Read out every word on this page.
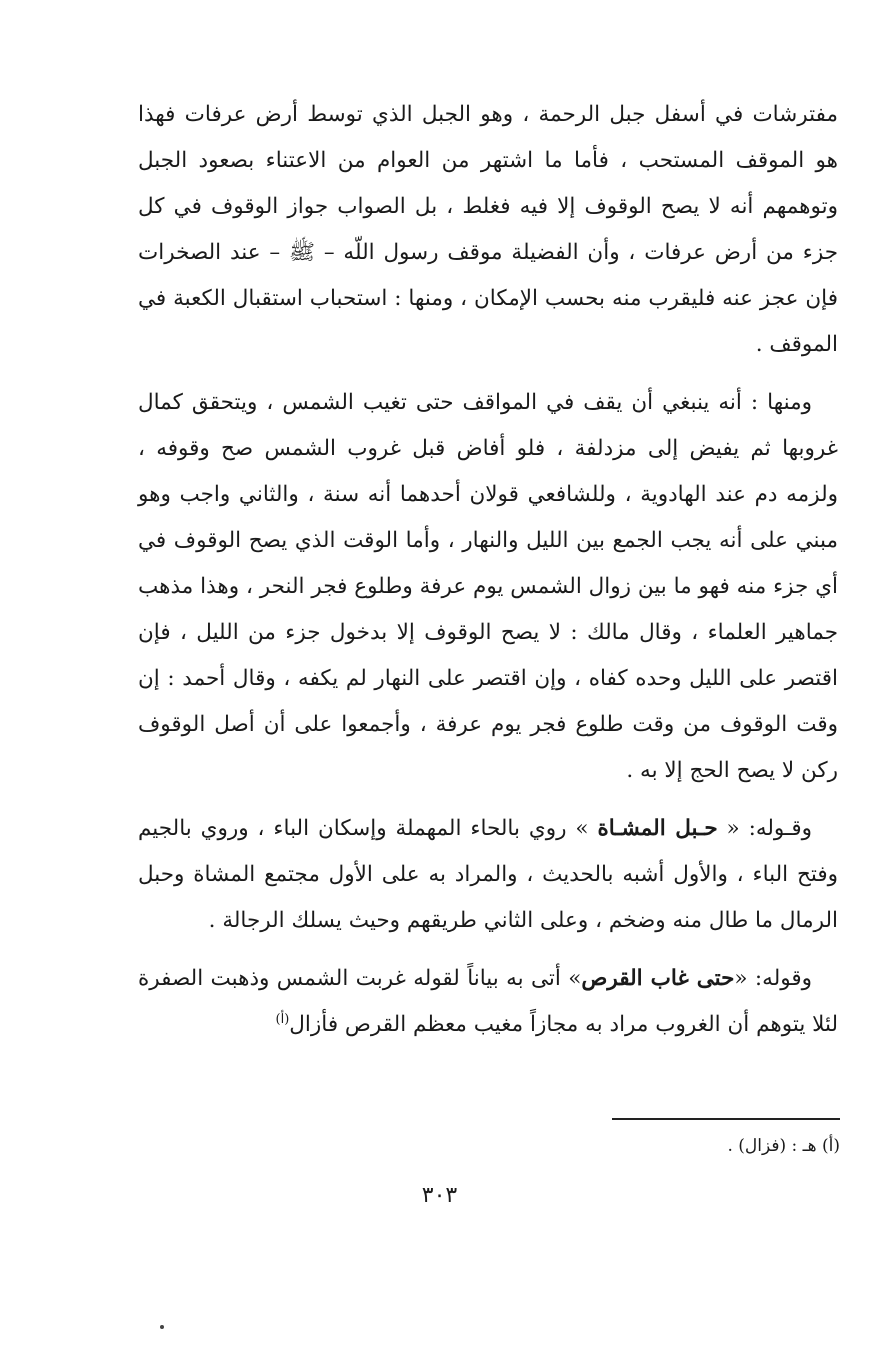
مفترشات في أسفل جبل الرحمة ، وهو الجبل الذي توسط أرض عرفات فهذا هو الموقف المستحب ، فأما ما اشتهر من العوام من الاعتناء بصعود الجبل وتوهمهم أنه لا يصح الوقوف إلا فيه فغلط ، بل الصواب جواز الوقوف في كل جزء من أرض عرفات ، وأن الفضيلة موقف رسول اللّه – ﷺ – عند الصخرات فإن عجز عنه فليقرب منه بحسب الإمكان ، ومنها : استحباب استقبال الكعبة في الموقف .

ومنها : أنه ينبغي أن يقف في المواقف حتى تغيب الشمس ، ويتحقق كمال غروبها ثم يفيض إلى مزدلفة ، فلو أفاض قبل غروب الشمس صح وقوفه ، ولزمه دم عند الهادوية ، وللشافعي قولان أحدهما أنه سنة ، والثاني واجب وهو مبني على أنه يجب الجمع بين الليل والنهار ، وأما الوقت الذي يصح الوقوف في أي جزء منه فهو ما بين زوال الشمس يوم عرفة وطلوع فجر النحر ، وهذا مذهب جماهير العلماء ، وقال مالك : لا يصح الوقوف إلا بدخول جزء من الليل ، فإن اقتصر على الليل وحده كفاه ، وإن اقتصر على النهار لم يكفه ، وقال أحمد : إن وقت الوقوف من وقت طلوع فجر يوم عرفة ، وأجمعوا على أن أصل الوقوف ركن لا يصح الحج إلا به .

وقـوله: « حـبل المشـاة » روي بالحاء المهملة وإسكان الباء ، وروي بالجيم وفتح الباء ، والأول أشبه بالحديث ، والمراد به على الأول مجتمع المشاة وحبل الرمال ما طال منه وضخم ، وعلى الثاني طريقهم وحيث يسلك الرجالة .

وقوله: «حتى غاب القرص» أتى به بياناً لقوله غربت الشمس وذهبت الصفرة لئلا يتوهم أن الغروب مراد به مجازاً مغيب معظم القرص فأزال$^{(أ)}$

(أ) هـ : (فزال) .
٣٠٣
